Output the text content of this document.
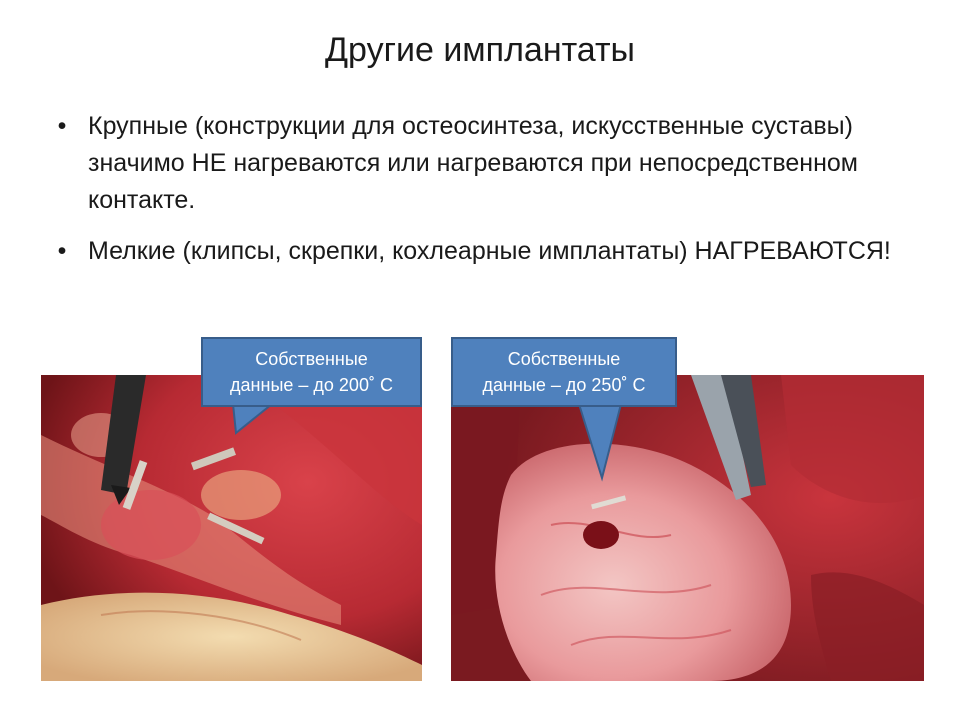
Другие имплантаты
• Крупные (конструкции для остеосинтеза, искусственные суставы) значимо НЕ нагреваются или нагреваются при непосредственном контакте.
• Мелкие (клипсы, скрепки, кохлеарные имплантаты) НАГРЕВАЮТСЯ!
Собственные
данные – до 200˚ С
Собственные
данные – до 250˚ С
